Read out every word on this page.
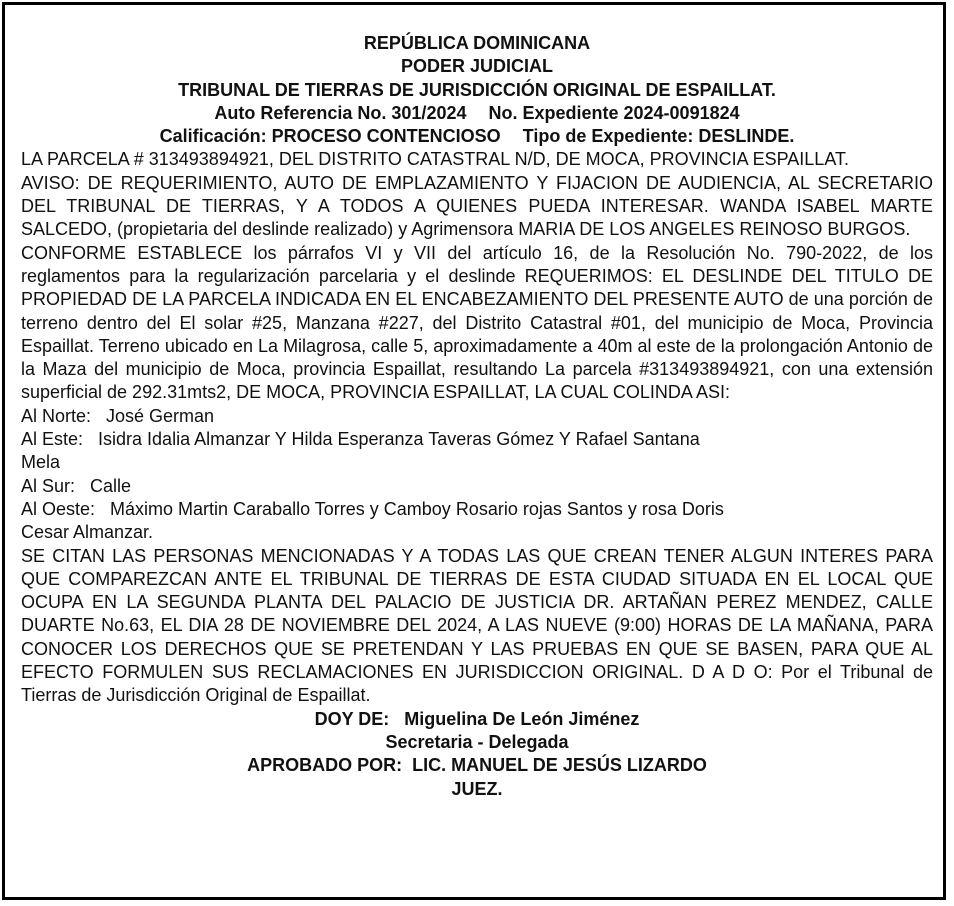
REPÚBLICA DOMINICANA
PODER JUDICIAL
TRIBUNAL DE TIERRAS DE JURISDICCIÓN ORIGINAL DE ESPAILLAT.
Auto Referencia No. 301/2024 No. Expediente 2024-0091824
Calificación: PROCESO CONTENCIOSO Tipo de Expediente: DESLINDE.
LA PARCELA # 313493894921, DEL DISTRITO CATASTRAL N/D, DE MOCA, PROVINCIA ESPAILLAT.
AVISO: DE REQUERIMIENTO, AUTO DE EMPLAZAMIENTO Y FIJACION DE AUDIENCIA, AL SECRETARIO DEL TRIBUNAL DE TIERRAS, Y A TODOS A QUIENES PUEDA INTERESAR. WANDA ISABEL MARTE SALCEDO, (propietaria del deslinde realizado) y Agrimensora MARIA DE LOS ANGELES REINOSO BURGOS.
CONFORME ESTABLECE los párrafos VI y VII del artículo 16, de la Resolución No. 790-2022, de los reglamentos para la regularización parcelaria y el deslinde REQUERIMOS: EL DESLINDE DEL TITULO DE PROPIEDAD DE LA PARCELA INDICADA EN EL ENCABEZAMIENTO DEL PRESENTE AUTO de una porción de terreno dentro del El solar #25, Manzana #227, del Distrito Catastral #01, del municipio de Moca, Provincia Espaillat. Terreno ubicado en La Milagrosa, calle 5, aproximadamente a 40m al este de la prolongación Antonio de la Maza del municipio de Moca, provincia Espaillat, resultando La parcela #313493894921, con una extensión superficial de 292.31mts2, DE MOCA, PROVINCIA ESPAILLAT, LA CUAL COLINDA ASI:
Al Norte:   José German
Al Este:   Isidra Idalia Almanzar Y Hilda Esperanza Taveras Gómez Y Rafael Santana
Mela
Al Sur:   Calle
Al Oeste:   Máximo Martin Caraballo Torres y Camboy Rosario rojas Santos y rosa Doris
Cesar Almanzar.
SE CITAN LAS PERSONAS MENCIONADAS Y A TODAS LAS QUE CREAN TENER ALGUN INTERES PARA QUE COMPAREZCAN ANTE EL TRIBUNAL DE TIERRAS DE ESTA CIUDAD SITUADA EN EL LOCAL QUE OCUPA EN LA SEGUNDA PLANTA DEL PALACIO DE JUSTICIA DR. ARTAÑAN PEREZ MENDEZ, CALLE DUARTE No.63, EL DIA 28 DE NOVIEMBRE DEL 2024, A LAS NUEVE (9:00) HORAS DE LA MAÑANA, PARA CONOCER LOS DERECHOS QUE SE PRETENDAN Y LAS PRUEBAS EN QUE SE BASEN, PARA QUE AL EFECTO FORMULEN SUS RECLAMACIONES EN JURISDICCION ORIGINAL. D A D O: Por el Tribunal de Tierras de Jurisdicción Original de Espaillat.
DOY DE:   Miguelina De León Jiménez
Secretaria - Delegada
APROBADO POR:  LIC. MANUEL DE JESÚS LIZARDO
JUEZ.
